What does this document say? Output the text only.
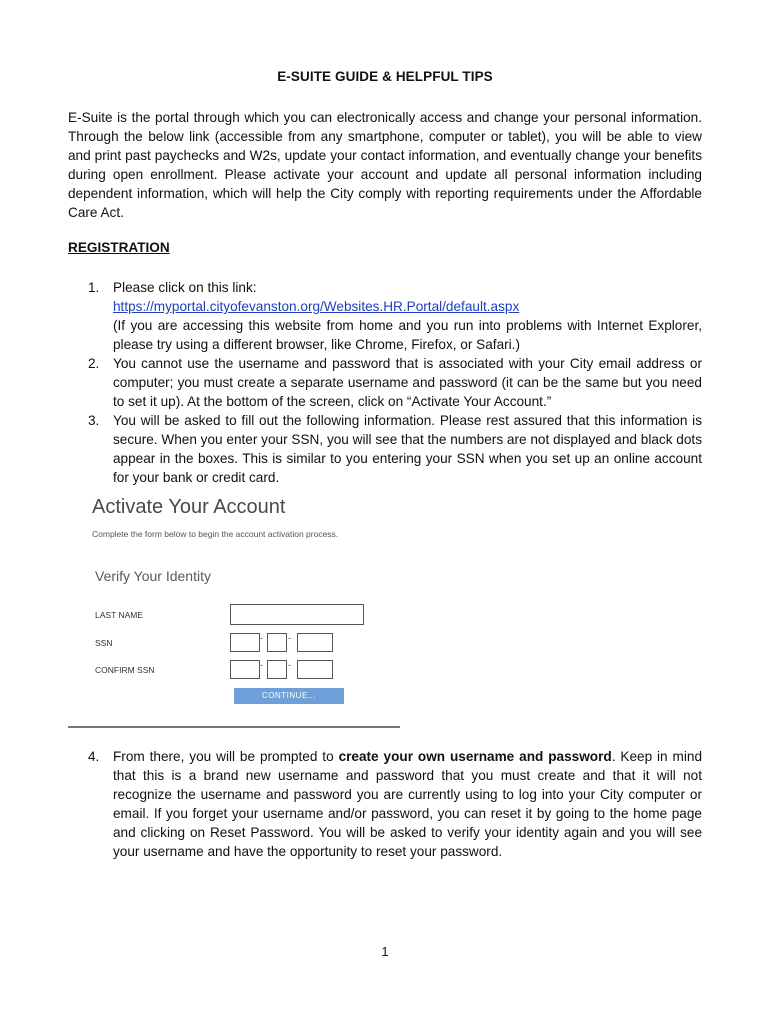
E-SUITE GUIDE & HELPFUL TIPS
E-Suite is the portal through which you can electronically access and change your personal information. Through the below link (accessible from any smartphone, computer or tablet), you will be able to view and print past paychecks and W2s, update your contact information, and eventually change your benefits during open enrollment. Please activate your account and update all personal information including dependent information, which will help the City comply with reporting requirements under the Affordable Care Act.
REGISTRATION
1. Please click on this link:
https://myportal.cityofevanston.org/Websites.HR.Portal/default.aspx
(If you are accessing this website from home and you run into problems with Internet Explorer, please try using a different browser, like Chrome, Firefox, or Safari.)
2. You cannot use the username and password that is associated with your City email address or computer; you must create a separate username and password (it can be the same but you need to set it up). At the bottom of the screen, click on “Activate Your Account.”
3. You will be asked to fill out the following information. Please rest assured that this information is secure. When you enter your SSN, you will see that the numbers are not displayed and black dots appear in the boxes. This is similar to you entering your SSN when you set up an online account for your bank or credit card.
Activate Your Account
Complete the form below to begin the account activation process.
Verify Your Identity
LAST NAME
SSN	-	-
CONFIRM SSN	-	-
CONTINUE...
4. From there, you will be prompted to create your own username and password. Keep in mind that this is a brand new username and password that you must create and that it will not recognize the username and password you are currently using to log into your City computer or email. If you forget your username and/or password, you can reset it by going to the home page and clicking on Reset Password. You will be asked to verify your identity again and you will see your username and have the opportunity to reset your password.
1
